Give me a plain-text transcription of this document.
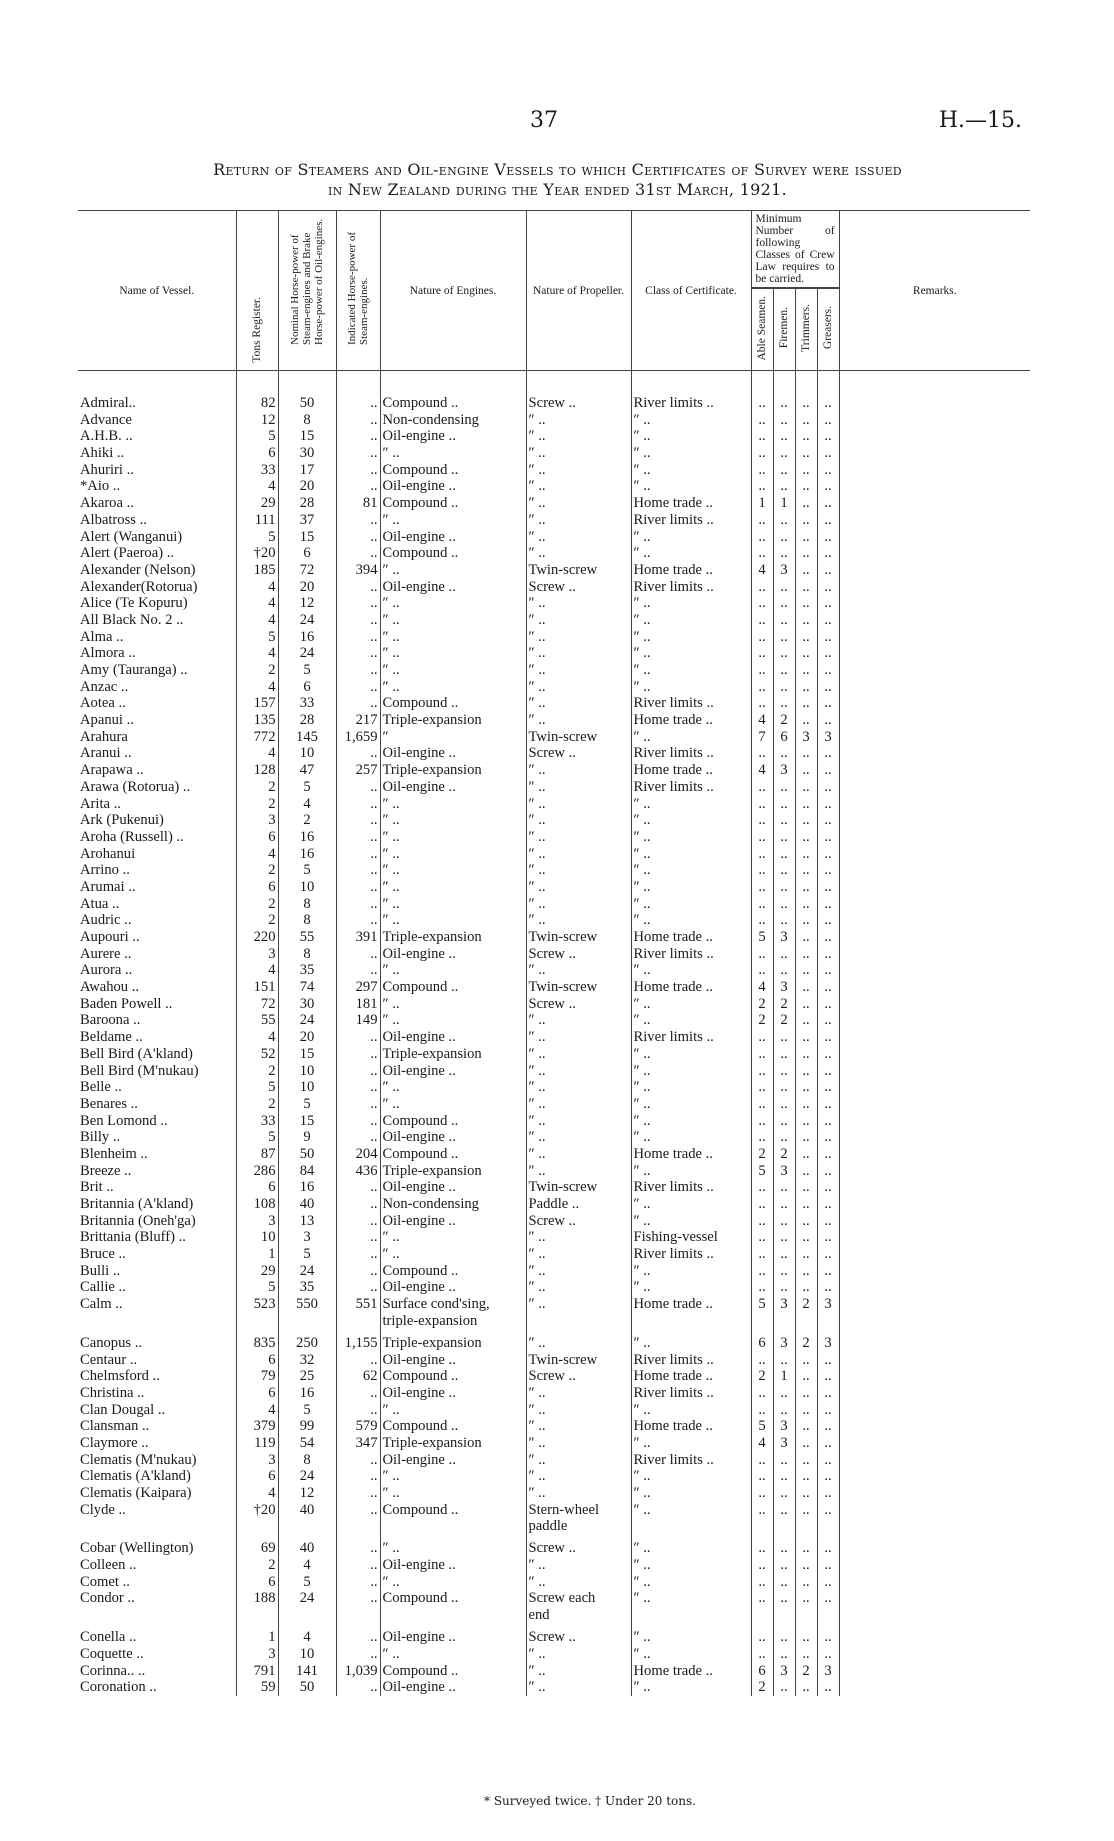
37	H.—15.
Return of Steamers and Oil-engine Vessels to which Certificates of Survey were issued
in New Zealand during the Year ended 31st March, 1921.
Name of Vessel.	Tons Register.	Nominal Horse-power of Steam-engines and Brake Horse-power of Oil-engines.	Indicated Horse-power of Steam-engines.	Nature of Engines.	Nature of Propeller.	Class of Certificate.	Minimum Number of following Classes of Crew Law requires to be carried.				Remarks.
							Able Seamen.	Firemen.	Trimmers.	Greasers.	

Admiral..	82	50	..	Compound ..	Screw ..	River limits ..	..	..	..	..	
Advance	12	8	..	Non-condensing	″ ..	″ ..	..	..	..	..	
A.H.B. ..	5	15	..	Oil-engine ..	″ ..	″ ..	..	..	..	..	
Ahiki ..	6	30	..	″ ..	″ ..	″ ..	..	..	..	..	
Ahuriri ..	33	17	..	Compound ..	″ ..	″ ..	..	..	..	..	
*Aio ..	4	20	..	Oil-engine ..	″ ..	″ ..	..	..	..	..	
Akaroa ..	29	28	81	Compound ..	″ ..	Home trade ..	1	1	..	..	
Albatross ..	111	37	..	″ ..	″ ..	River limits ..	..	..	..	..	
Alert (Wanganui)	5	15	..	Oil-engine ..	″ ..	″ ..	..	..	..	..	
Alert (Paeroa) ..	†20	6	..	Compound ..	″ ..	″ ..	..	..	..	..	
Alexander (Nelson)	185	72	394	″ ..	Twin-screw	Home trade ..	4	3	..	..	
Alexander(Rotorua)	4	20	..	Oil-engine ..	Screw ..	River limits ..	..	..	..	..	
Alice (Te Kopuru)	4	12	..	″ ..	″ ..	″ ..	..	..	..	..	
All Black No. 2 ..	4	24	..	″ ..	″ ..	″ ..	..	..	..	..	
Alma ..	5	16	..	″ ..	″ ..	″ ..	..	..	..	..	
Almora ..	4	24	..	″ ..	″ ..	″ ..	..	..	..	..	
Amy (Tauranga) ..	2	5	..	″ ..	″ ..	″ ..	..	..	..	..	
Anzac ..	4	6	..	″ ..	″ ..	″ ..	..	..	..	..	
Aotea ..	157	33	..	Compound ..	″ ..	River limits ..	..	..	..	..	
Apanui ..	135	28	217	Triple-expansion	″ ..	Home trade ..	4	2	..	..	
Arahura	772	145	1,659	″	Twin-screw	″ ..	7	6	3	3	
Aranui ..	4	10	..	Oil-engine ..	Screw ..	River limits ..	..	..	..	..	
Arapawa ..	128	47	257	Triple-expansion	″ ..	Home trade ..	4	3	..	..	
Arawa (Rotorua) ..	2	5	..	Oil-engine ..	″ ..	River limits ..	..	..	..	..	
Arita ..	2	4	..	″ ..	″ ..	″ ..	..	..	..	..	
Ark (Pukenui)	3	2	..	″ ..	″ ..	″ ..	..	..	..	..	
Aroha (Russell) ..	6	16	..	″ ..	″ ..	″ ..	..	..	..	..	
Arohanui	4	16	..	″ ..	″ ..	″ ..	..	..	..	..	
Arrino ..	2	5	..	″ ..	″ ..	″ ..	..	..	..	..	
Arumai ..	6	10	..	″ ..	″ ..	″ ..	..	..	..	..	
Atua ..	2	8	..	″ ..	″ ..	″ ..	..	..	..	..	
Audric ..	2	8	..	″ ..	″ ..	″ ..	..	..	..	..	
Aupouri ..	220	55	391	Triple-expansion	Twin-screw	Home trade ..	5	3	..	..	
Aurere ..	3	8	..	Oil-engine ..	Screw ..	River limits ..	..	..	..	..	
Aurora ..	4	35	..	″ ..	″ ..	″ ..	..	..	..	..	
Awahou ..	151	74	297	Compound ..	Twin-screw	Home trade ..	4	3	..	..	
Baden Powell ..	72	30	181	″ ..	Screw ..	″ ..	2	2	..	..	
Baroona ..	55	24	149	″ ..	″ ..	″ ..	2	2	..	..	
Beldame ..	4	20	..	Oil-engine ..	″ ..	River limits ..	..	..	..	..	
Bell Bird (A'kland)	52	15	..	Triple-expansion	″ ..	″ ..	..	..	..	..	
Bell Bird (M'nukau)	2	10	..	Oil-engine ..	″ ..	″ ..	..	..	..	..	
Belle ..	5	10	..	″ ..	″ ..	″ ..	..	..	..	..	
Benares ..	2	5	..	″ ..	″ ..	″ ..	..	..	..	..	
Ben Lomond ..	33	15	..	Compound ..	″ ..	″ ..	..	..	..	..	
Billy ..	5	9	..	Oil-engine ..	″ ..	″ ..	..	..	..	..	
Blenheim ..	87	50	204	Compound ..	″ ..	Home trade ..	2	2	..	..	
Breeze ..	286	84	436	Triple-expansion	″ ..	″ ..	5	3	..	..	
Brit ..	6	16	..	Oil-engine ..	Twin-screw	River limits ..	..	..	..	..	
Britannia (A'kland)	108	40	..	Non-condensing	Paddle ..	″ ..	..	..	..	..	
Britannia (Oneh'ga)	3	13	..	Oil-engine ..	Screw ..	″ ..	..	..	..	..	
Brittania (Bluff) ..	10	3	..	″ ..	″ ..	Fishing-vessel	..	..	..	..	
Bruce ..	1	5	..	″ ..	″ ..	River limits ..	..	..	..	..	
Bulli ..	29	24	..	Compound ..	″ ..	″ ..	..	..	..	..	
Callie ..	5	35	..	Oil-engine ..	″ ..	″ ..	..	..	..	..	
Calm ..	523	550	551	Surface cond'sing,	″ ..	Home trade ..	5	3	2	3	
				triple-expansion							
Canopus ..	835	250	1,155	Triple-expansion	″ ..	″ ..	6	3	2	3	
Centaur ..	6	32	..	Oil-engine ..	Twin-screw	River limits ..	..	..	..	..	
Chelmsford ..	79	25	62	Compound ..	Screw ..	Home trade ..	2	1	..	..	
Christina ..	6	16	..	Oil-engine ..	″ ..	River limits ..	..	..	..	..	
Clan Dougal ..	4	5	..	″ ..	″ ..	″ ..	..	..	..	..	
Clansman ..	379	99	579	Compound ..	″ ..	Home trade ..	5	3	..	..	
Claymore ..	119	54	347	Triple-expansion	″ ..	″ ..	4	3	..	..	
Clematis (M'nukau)	3	8	..	Oil-engine ..	″ ..	River limits ..	..	..	..	..	
Clematis (A'kland)	6	24	..	″ ..	″ ..	″ ..	..	..	..	..	
Clematis (Kaipara)	4	12	..	″ ..	″ ..	″ ..	..	..	..	..	
Clyde ..	†20	40	..	Compound ..	Stern-wheel	″ ..	..	..	..	..	
					paddle						
Cobar (Wellington)	69	40	..	″ ..	Screw ..	″ ..	..	..	..	..	
Colleen ..	2	4	..	Oil-engine ..	″ ..	″ ..	..	..	..	..	
Comet ..	6	5	..	″ ..	″ ..	″ ..	..	..	..	..	
Condor ..	188	24	..	Compound ..	Screw each	″ ..	..	..	..	..	
					end						
Conella ..	1	4	..	Oil-engine ..	Screw ..	″ ..	..	..	..	..	
Coquette ..	3	10	..	″ ..	″ ..	″ ..	..	..	..	..	
Corinna.. ..	791	141	1,039	Compound ..	″ ..	Home trade ..	6	3	2	3	
Coronation ..	59	50	..	Oil-engine ..	″ ..	″ ..	2	..	..	..	
* Surveyed twice. † Under 20 tons.
